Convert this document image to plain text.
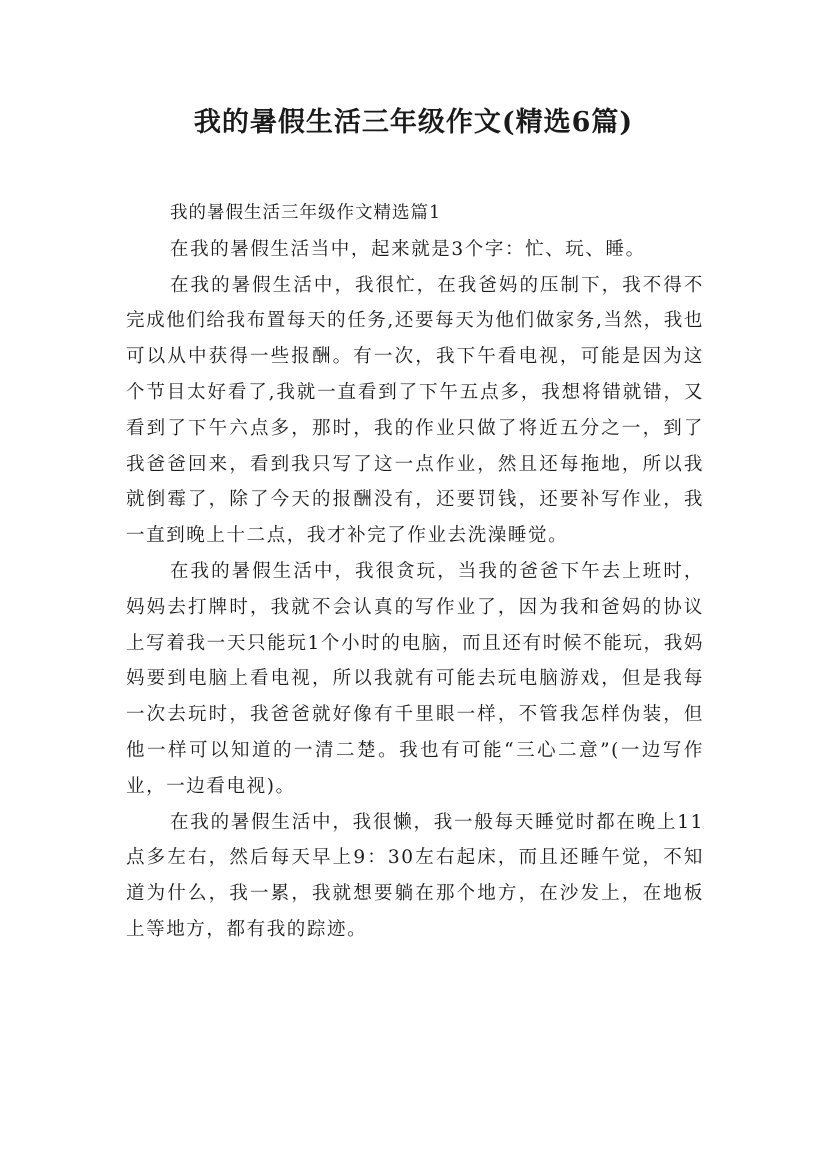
我的暑假生活三年级作文(精选6篇)

我的暑假生活三年级作文精选篇1

在我的暑假生活当中，起来就是3个字：忙、玩、睡。

在我的暑假生活中，我很忙，在我爸妈的压制下，我不得不完成他们给我布置每天的任务,还要每天为他们做家务,当然，我也可以从中获得一些报酬。有一次，我下午看电视，可能是因为这个节目太好看了,我就一直看到了下午五点多，我想将错就错，又看到了下午六点多，那时，我的作业只做了将近五分之一，到了我爸爸回来，看到我只写了这一点作业，然且还每拖地，所以我就倒霉了，除了今天的报酬没有，还要罚钱，还要补写作业，我一直到晚上十二点，我才补完了作业去洗澡睡觉。

在我的暑假生活中，我很贪玩，当我的爸爸下午去上班时，妈妈去打牌时，我就不会认真的写作业了，因为我和爸妈的协议上写着我一天只能玩1个小时的电脑，而且还有时候不能玩，我妈妈要到电脑上看电视，所以我就有可能去玩电脑游戏，但是我每一次去玩时，我爸爸就好像有千里眼一样，不管我怎样伪装，但他一样可以知道的一清二楚。我也有可能“三心二意”(一边写作业，一边看电视)。

在我的暑假生活中，我很懒，我一般每天睡觉时都在晚上11点多左右，然后每天早上9：30左右起床，而且还睡午觉，不知道为什么，我一累，我就想要躺在那个地方，在沙发上，在地板上等地方，都有我的踪迹。
